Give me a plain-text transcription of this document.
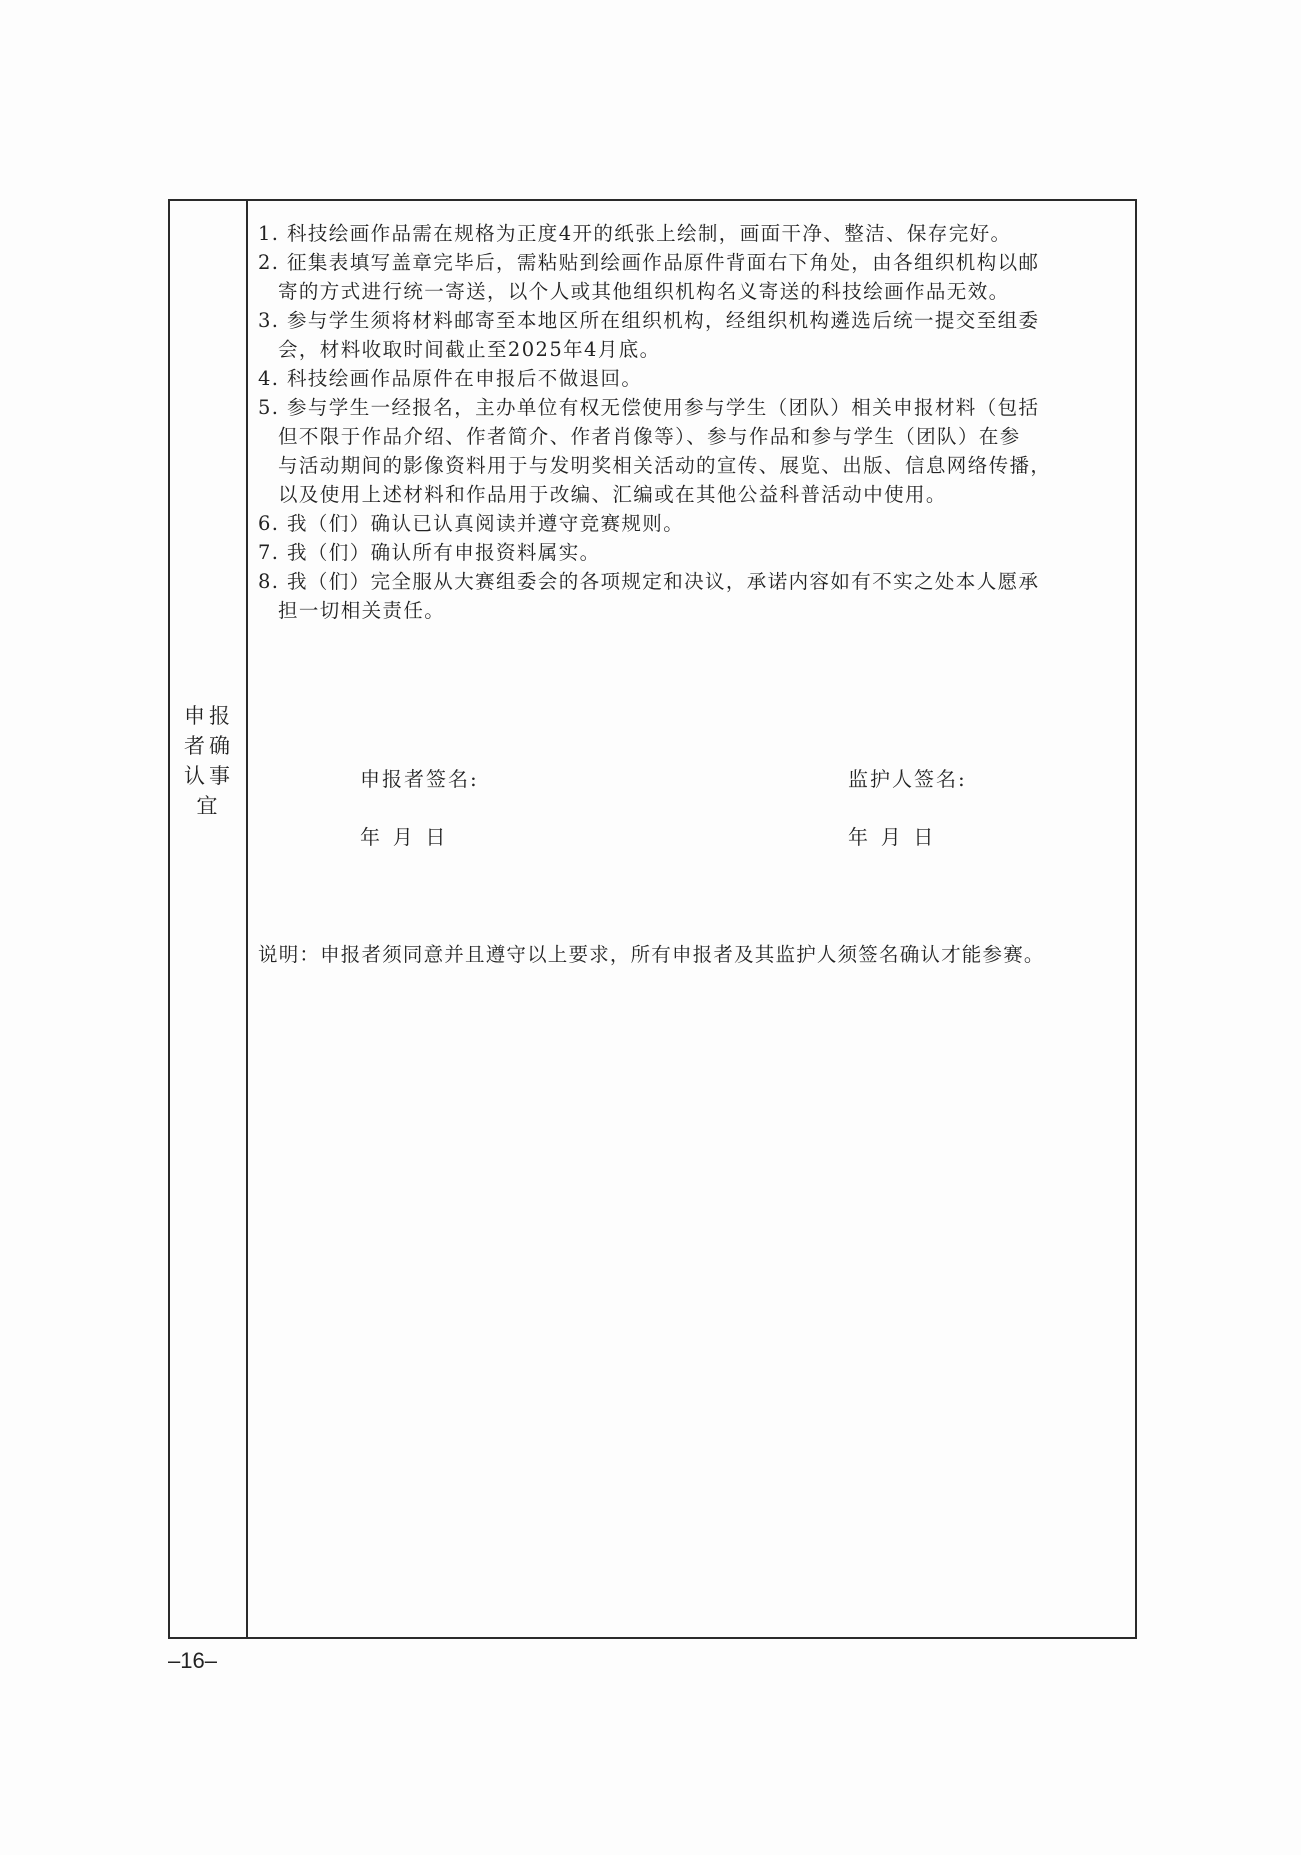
申报
者确
认事
宜
1. 科技绘画作品需在规格为正度4开的纸张上绘制，画面干净、整洁、保存完好。
2. 征集表填写盖章完毕后，需粘贴到绘画作品原件背面右下角处，由各组织机构以邮
寄的方式进行统一寄送，以个人或其他组织机构名义寄送的科技绘画作品无效。
3. 参与学生须将材料邮寄至本地区所在组织机构，经组织机构遴选后统一提交至组委
会，材料收取时间截止至2025年4月底。
4. 科技绘画作品原件在申报后不做退回。
5. 参与学生一经报名，主办单位有权无偿使用参与学生（团队）相关申报材料（包括
但不限于作品介绍、作者简介、作者肖像等）、参与作品和参与学生（团队）在参
与活动期间的影像资料用于与发明奖相关活动的宣传、展览、出版、信息网络传播，
以及使用上述材料和作品用于改编、汇编或在其他公益科普活动中使用。
6. 我（们）确认已认真阅读并遵守竞赛规则。
7. 我（们）确认所有申报资料属实。
8. 我（们）完全服从大赛组委会的各项规定和决议，承诺内容如有不实之处本人愿承
担一切相关责任。
申报者签名:	监护人签名:
年  月  日	年  月  日
说明：申报者须同意并且遵守以上要求，所有申报者及其监护人须签名确认才能参赛。
–16–
